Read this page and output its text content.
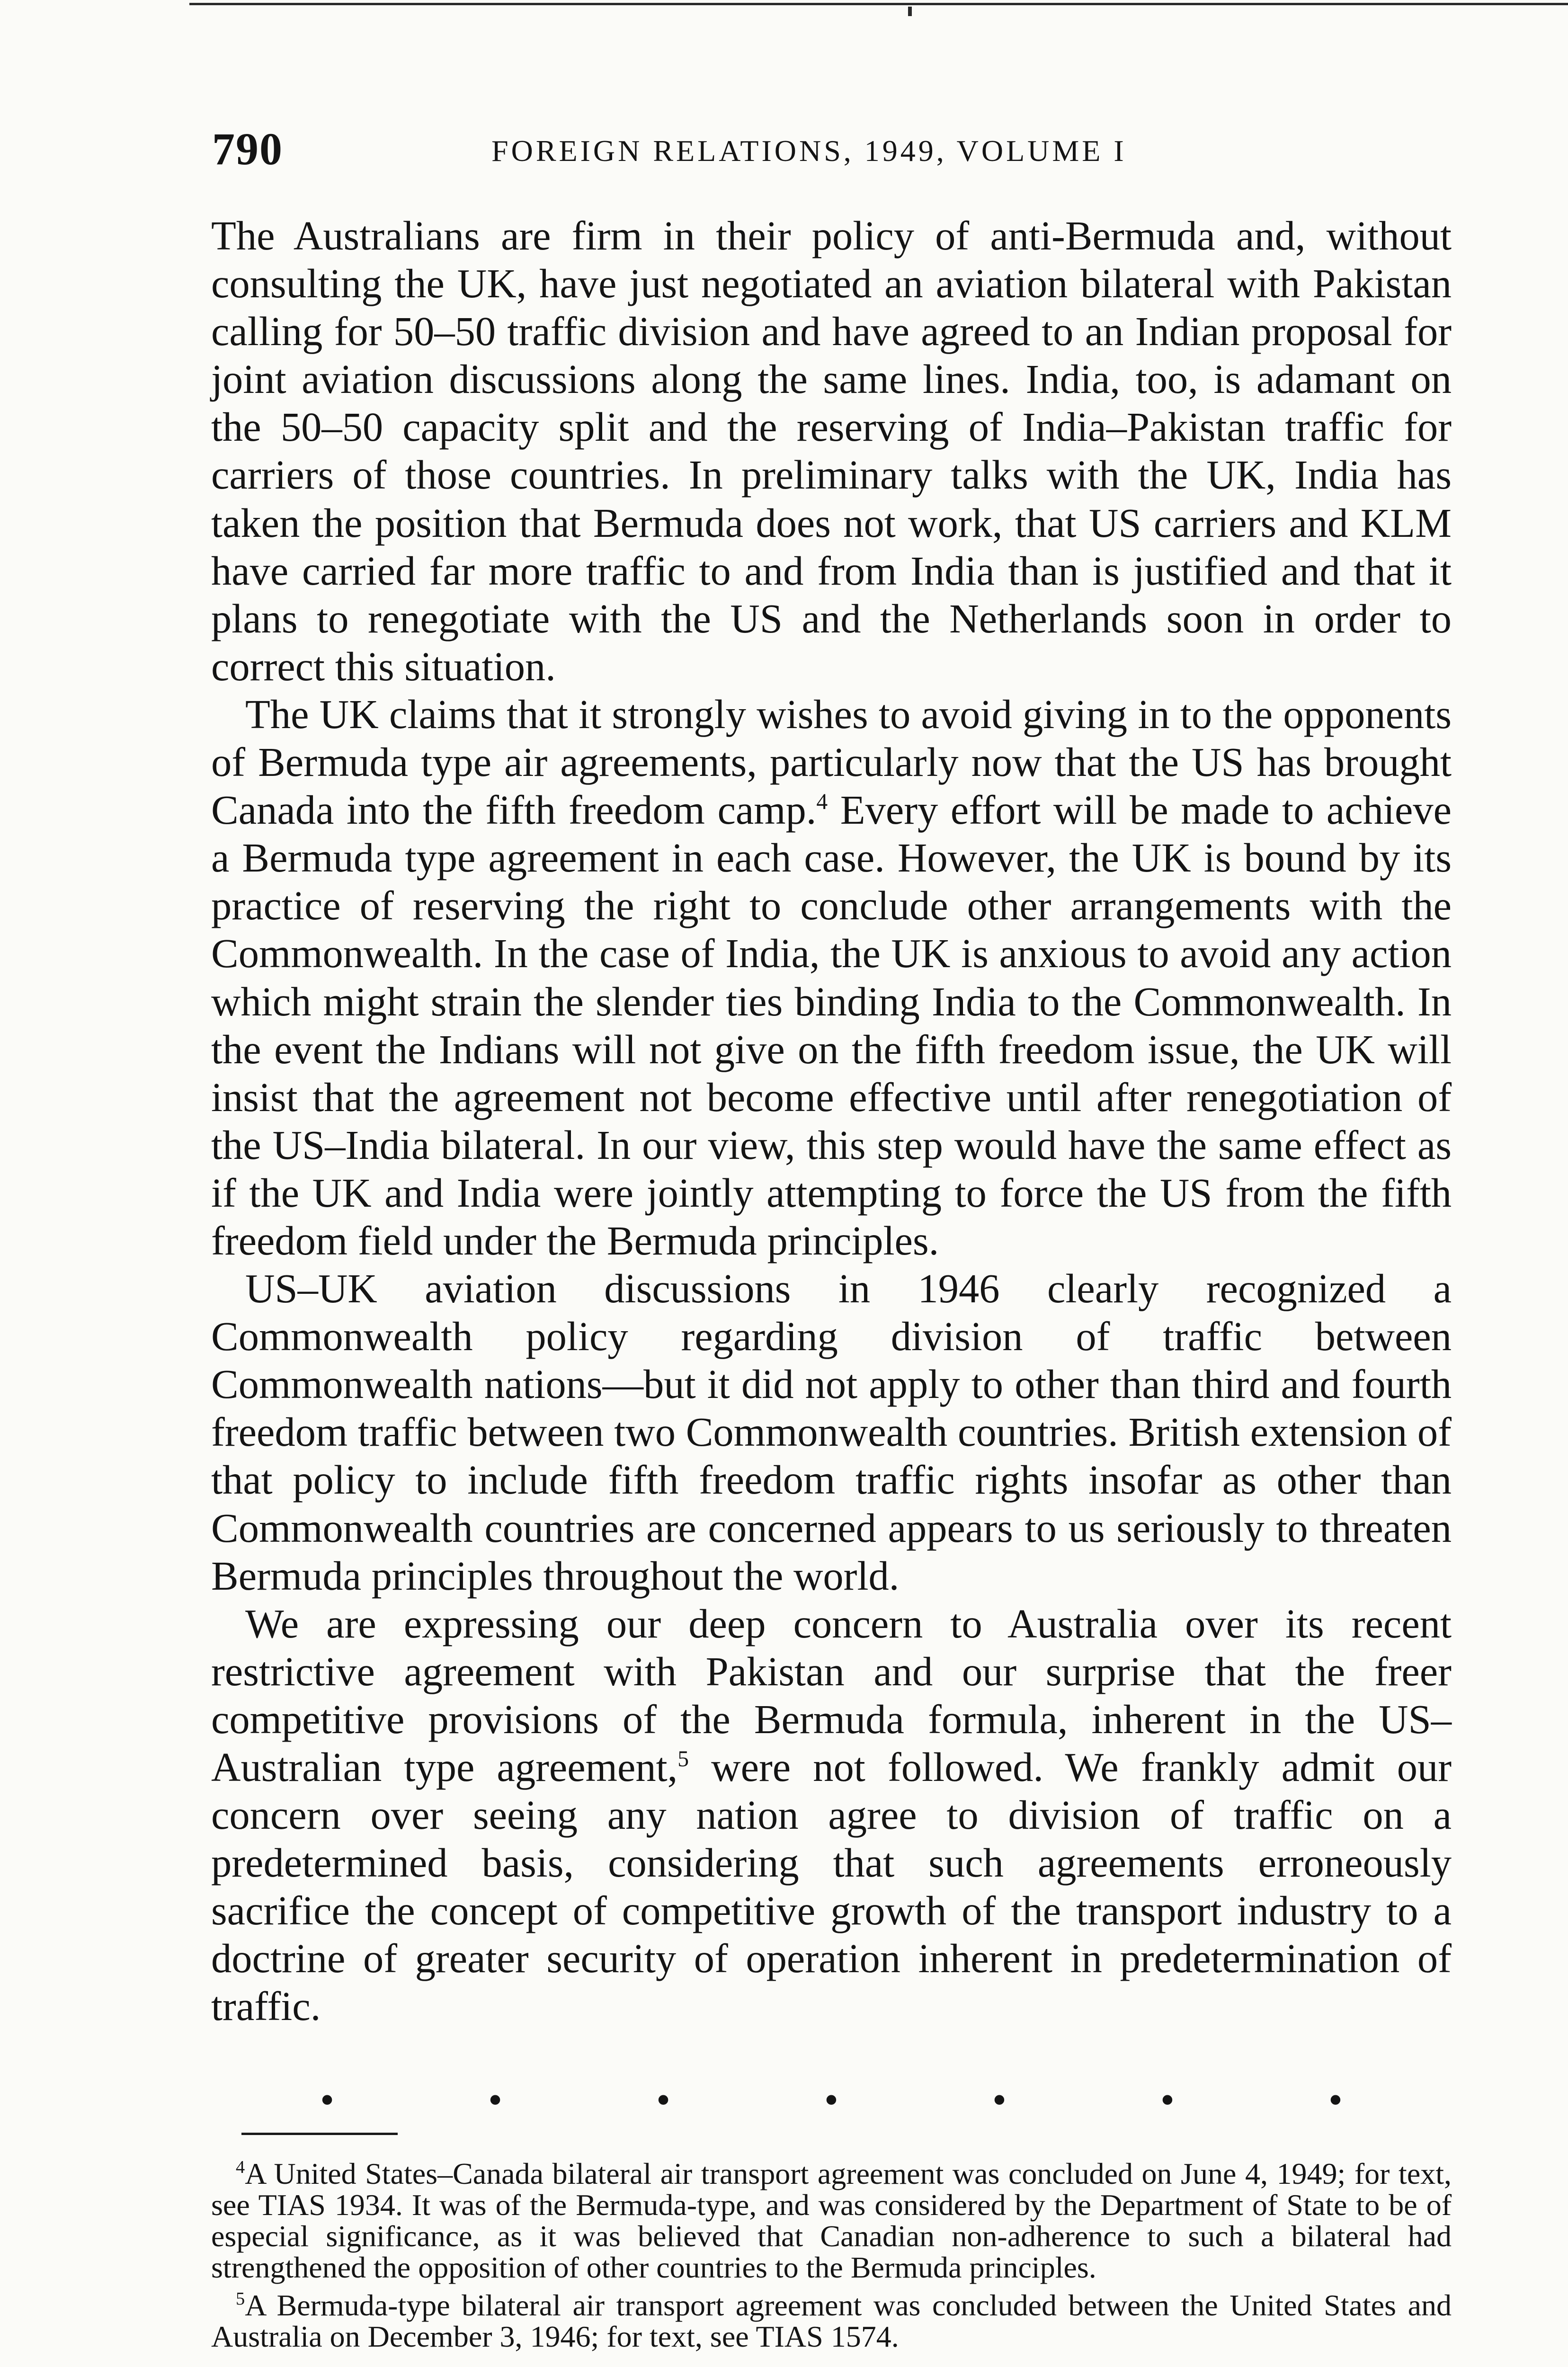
790	FOREIGN RELATIONS, 1949, VOLUME I

The Australians are firm in their policy of anti-Bermuda and, without consulting the UK, have just negotiated an aviation bilateral with Pakistan calling for 50–50 traffic division and have agreed to an Indian proposal for joint aviation discussions along the same lines. India, too, is adamant on the 50–50 capacity split and the reserving of India–Pakistan traffic for carriers of those countries. In preliminary talks with the UK, India has taken the position that Bermuda does not work, that US carriers and KLM have carried far more traffic to and from India than is justified and that it plans to renegotiate with the US and the Netherlands soon in order to correct this situation.

The UK claims that it strongly wishes to avoid giving in to the opponents of Bermuda type air agreements, particularly now that the US has brought Canada into the fifth freedom camp.$^4$ Every effort will be made to achieve a Bermuda type agreement in each case. However, the UK is bound by its practice of reserving the right to conclude other arrangements with the Commonwealth. In the case of India, the UK is anxious to avoid any action which might strain the slender ties binding India to the Commonwealth. In the event the Indians will not give on the fifth freedom issue, the UK will insist that the agreement not become effective until after renegotiation of the US–India bilateral. In our view, this step would have the same effect as if the UK and India were jointly attempting to force the US from the fifth freedom field under the Bermuda principles.

US–UK aviation discussions in 1946 clearly recognized a Commonwealth policy regarding division of traffic between Commonwealth nations—but it did not apply to other than third and fourth freedom traffic between two Commonwealth countries. British extension of that policy to include fifth freedom traffic rights insofar as other than Commonwealth countries are concerned appears to us seriously to threaten Bermuda principles throughout the world.

We are expressing our deep concern to Australia over its recent restrictive agreement with Pakistan and our surprise that the freer competitive provisions of the Bermuda formula, inherent in the US–Australian type agreement,$^5$ were not followed. We frankly admit our concern over seeing any nation agree to division of traffic on a predetermined basis, considering that such agreements erroneously sacrifice the concept of competitive growth of the transport industry to a doctrine of greater security of operation inherent in predetermination of traffic.

•	•	•	•	•	•	•

$^4$A United States–Canada bilateral air transport agreement was concluded on June 4, 1949; for text, see TIAS 1934. It was of the Bermuda-type, and was considered by the Department of State to be of especial significance, as it was believed that Canadian non-adherence to such a bilateral had strengthened the opposition of other countries to the Bermuda principles.

$^5$A Bermuda-type bilateral air transport agreement was concluded between the United States and Australia on December 3, 1946; for text, see TIAS 1574.
